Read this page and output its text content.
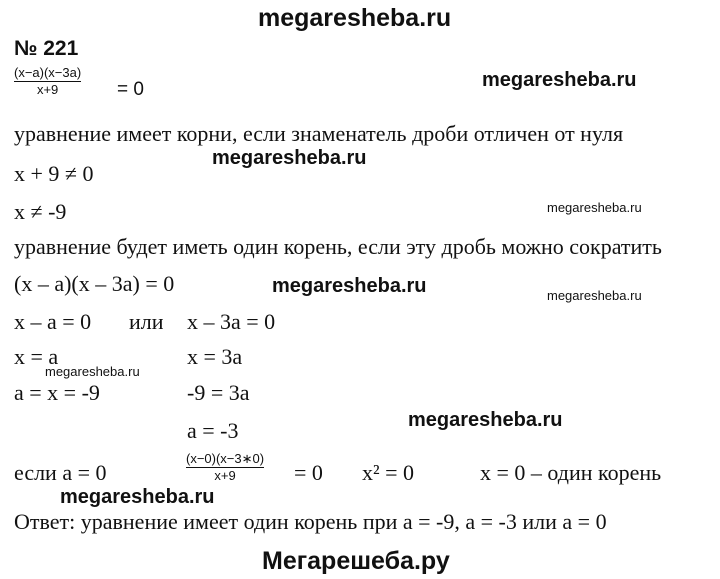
megaresheba.ru
megaresheba.ru
megaresheba.ru
megaresheba.ru
megaresheba.ru	megaresheba.ru
megaresheba.ru
megaresheba.ru
megaresheba.ru
Мегарешеба.ру
№ 221
(x−a)(x−3a)
x+9	= 0
уравнение имеет корни, если знаменатель дроби отличен от нуля
x + 9 ≠ 0
x ≠ -9
уравнение будет иметь один корень, если эту дробь можно сократить
(x – a)(x – 3a) = 0
x – a = 0 или x – 3a = 0
x = a	x = 3a
a = x = -9	-9 = 3a
a = -3
если a = 0
(x−0)(x−3∗0)
x+9	= 0 x² = 0	x = 0 – один корень
Ответ: уравнение имеет один корень при a = -9, a = -3 или a = 0
